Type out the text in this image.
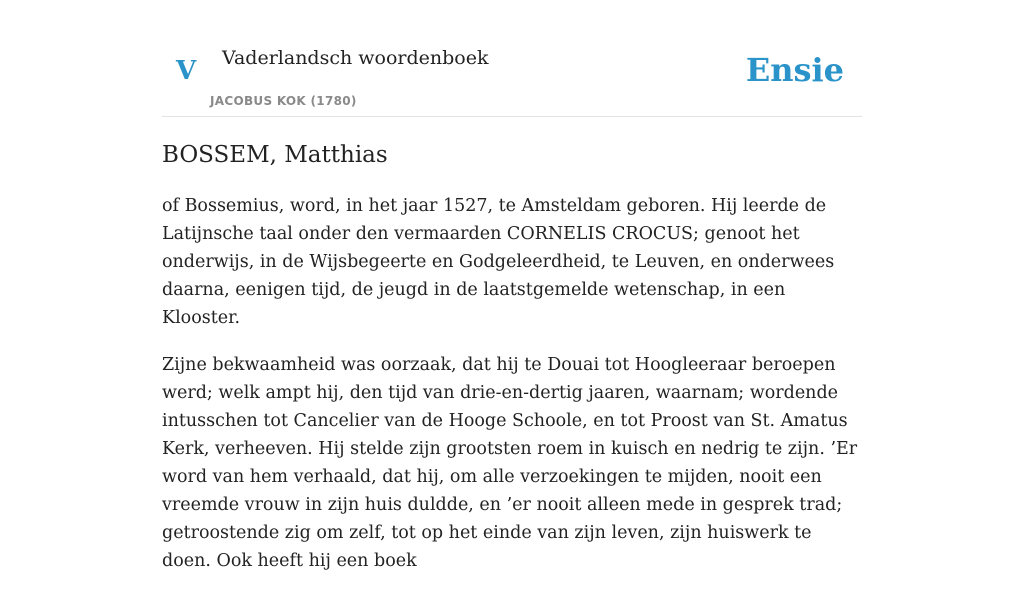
V Vaderlandsch woordenboek
JACOBUS KOK (1780)
Ensie
BOSSEM, Matthias

of Bossemius, word, in het jaar 1527, te Amsteldam geboren. Hij leerde de Latijnsche taal onder den vermaarden CORNELIS CROCUS; genoot het onderwijs, in de Wijsbegeerte en Godgeleerdheid, te Leuven, en onderwees daarna, eenigen tijd, de jeugd in de laatstgemelde wetenschap, in een Klooster.

Zijne bekwaamheid was oorzaak, dat hij te Douai tot Hoogleeraar beroepen werd; welk ampt hij, den tijd van drie-en-dertig jaaren, waarnam; wordende intusschen tot Cancelier van de Hooge Schoole, en tot Proost van St. Amatus Kerk, verheeven. Hij stelde zijn grootsten roem in kuisch en nedrig te zijn. ’Er word van hem verhaald, dat hij, om alle verzoekingen te mijden, nooit een vreemde vrouw in zijn huis duldde, en ’er nooit alleen mede in gesprek trad; getroostende zig om zelf, tot op het einde van zijn leven, zijn huiswerk te doen. Ook heeft hij een boek
